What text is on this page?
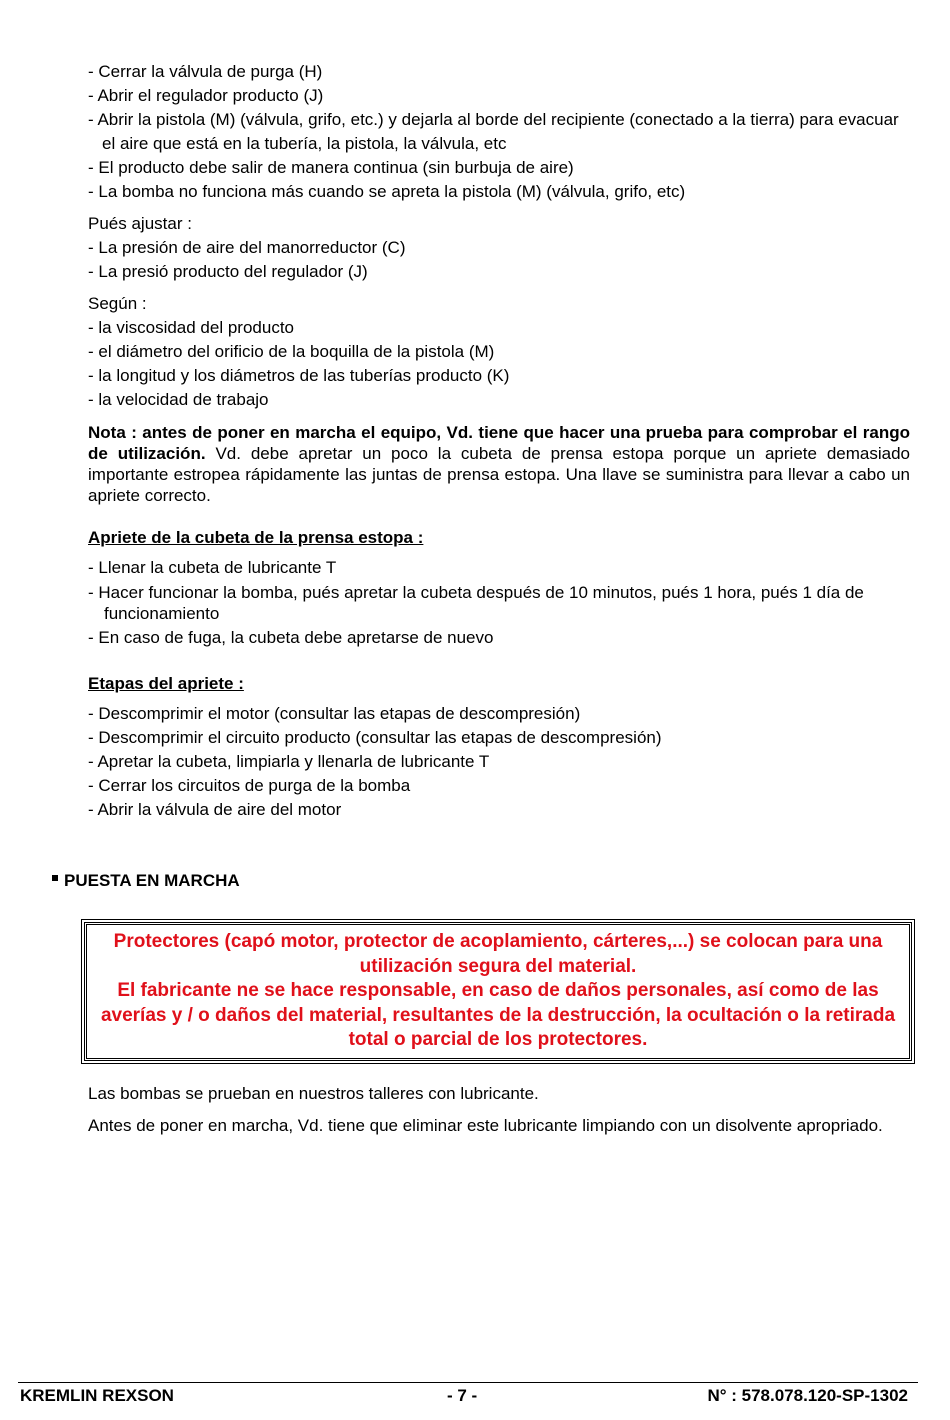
- Cerrar la válvula de purga (H)

- Abrir el regulador producto (J)

- Abrir la pistola (M) (válvula, grifo, etc.) y dejarla al borde del recipiente (conectado a la tierra) para evacuar el aire que está en la tubería, la pistola, la válvula, etc

- El producto debe salir de manera continua (sin burbuja de aire)

- La bomba no funciona más cuando se apreta la pistola (M) (válvula, grifo, etc)

Pués ajustar :

- La presión de aire del manorreductor (C)

- La presió producto del regulador (J)

Según :

- la viscosidad del producto

- el diámetro del orificio de la boquilla de la pistola (M)

- la longitud y los diámetros de las tuberías producto (K)

- la velocidad de trabajo

Nota : antes de poner en marcha el equipo, Vd. tiene que hacer una prueba para comprobar el rango de utilización. Vd. debe apretar un poco la cubeta de prensa estopa porque un apriete demasiado importante estropea rápidamente las juntas de prensa estopa. Una llave se suministra para llevar a cabo un apriete correcto.

Apriete de la cubeta de la prensa estopa :

- Llenar la cubeta de lubricante T

- Hacer funcionar la bomba, pués apretar la cubeta después de 10 minutos, pués 1 hora, pués 1 día de funcionamiento

- En caso de fuga, la cubeta debe apretarse de nuevo

Etapas del apriete :

- Descomprimir el motor (consultar las etapas de descompresión)

- Descomprimir el circuito producto (consultar las etapas de descompresión)

- Apretar la cubeta, limpiarla y llenarla de lubricante T

- Cerrar los circuitos de purga de la bomba

- Abrir la válvula de aire del motor

PUESTA EN MARCHA
Protectores (capó motor, protector de acoplamiento, cárteres,...) se colocan para una utilización segura del material.
El fabricante ne se hace responsable, en caso de daños personales, así como de las averías y / o daños del material, resultantes de la destrucción, la ocultación o la retirada total o parcial de los protectores.

Las bombas se prueban en nuestros talleres con lubricante.

Antes de poner en marcha, Vd. tiene que eliminar este lubricante limpiando con un disolvente apropriado.

KREMLIN REXSON	- 7 -	N° : 578.078.120-SP-1302
